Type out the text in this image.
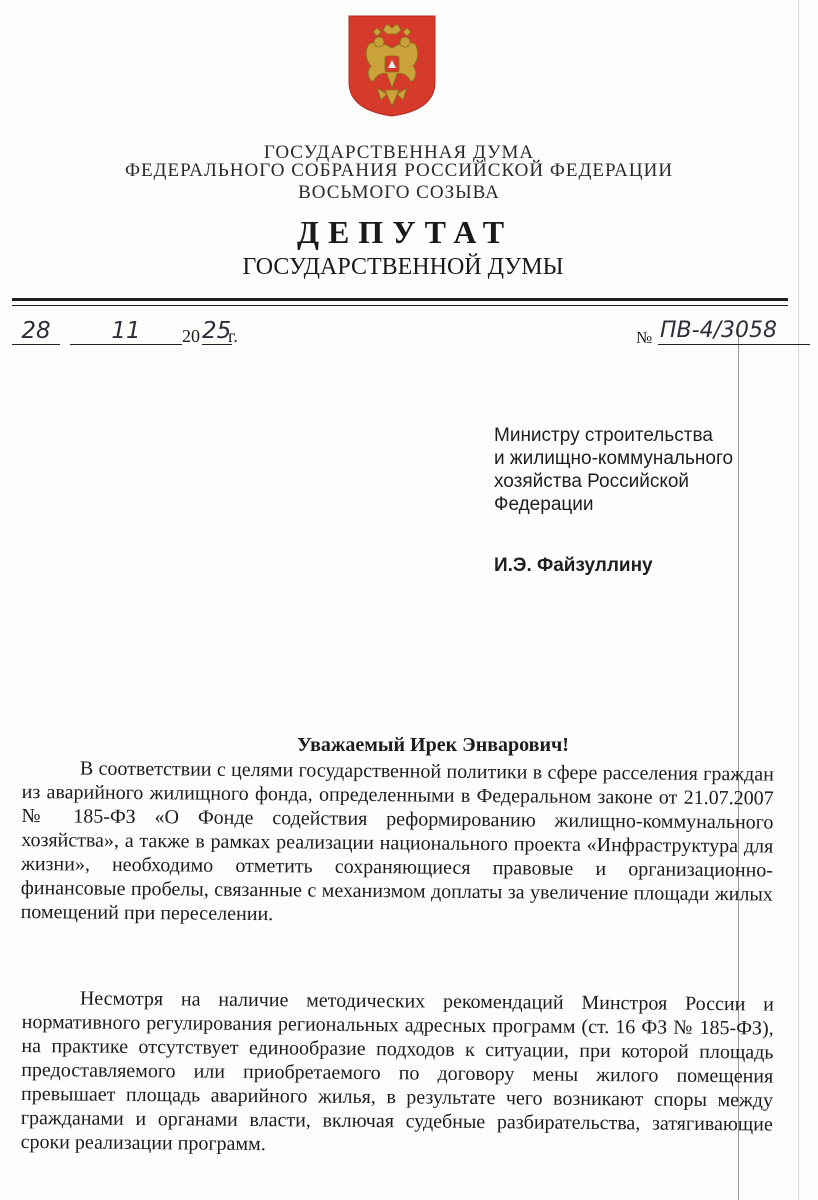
ГОСУДАРСТВЕННАЯ ДУМА
ФЕДЕРАЛЬНОГО СОБРАНИЯ РОССИЙСКОЙ ФЕДЕРАЦИИ
ВОСЬМОГО СОЗЫВА
ДЕПУТАТ
ГОСУДАРСТВЕННОЙ ДУМЫ
28	11	20 25
г.	№ ПВ-4/3058
Министру строительства
и жилищно-коммунального
хозяйства Российской
Федерации
И.Э. Файзуллину
Уважаемый Ирек Энварович!

В соответствии с целями государственной политики в сфере расселения граждан из аварийного жилищного фонда, определенными в Федеральном законе от 21.07.2007 № 185-ФЗ «О Фонде содействия реформированию жилищно-коммунального хозяйства», а также в рамках реализации национального проекта «Инфраструктура для жизни», необходимо отметить сохраняющиеся правовые и организационно-финансовые пробелы, связанные с механизмом доплаты за увеличение площади жилых помещений при переселении.

Несмотря на наличие методических рекомендаций Минстроя России и нормативного регулирования региональных адресных программ (ст. 16 ФЗ № 185-ФЗ), на практике отсутствует единообразие подходов к ситуации, при которой площадь предоставляемого или приобретаемого по договору мены жилого помещения превышает площадь аварийного жилья, в результате чего возникают споры между гражданами и органами власти, включая судебные разбирательства, затягивающие сроки реализации программ.
